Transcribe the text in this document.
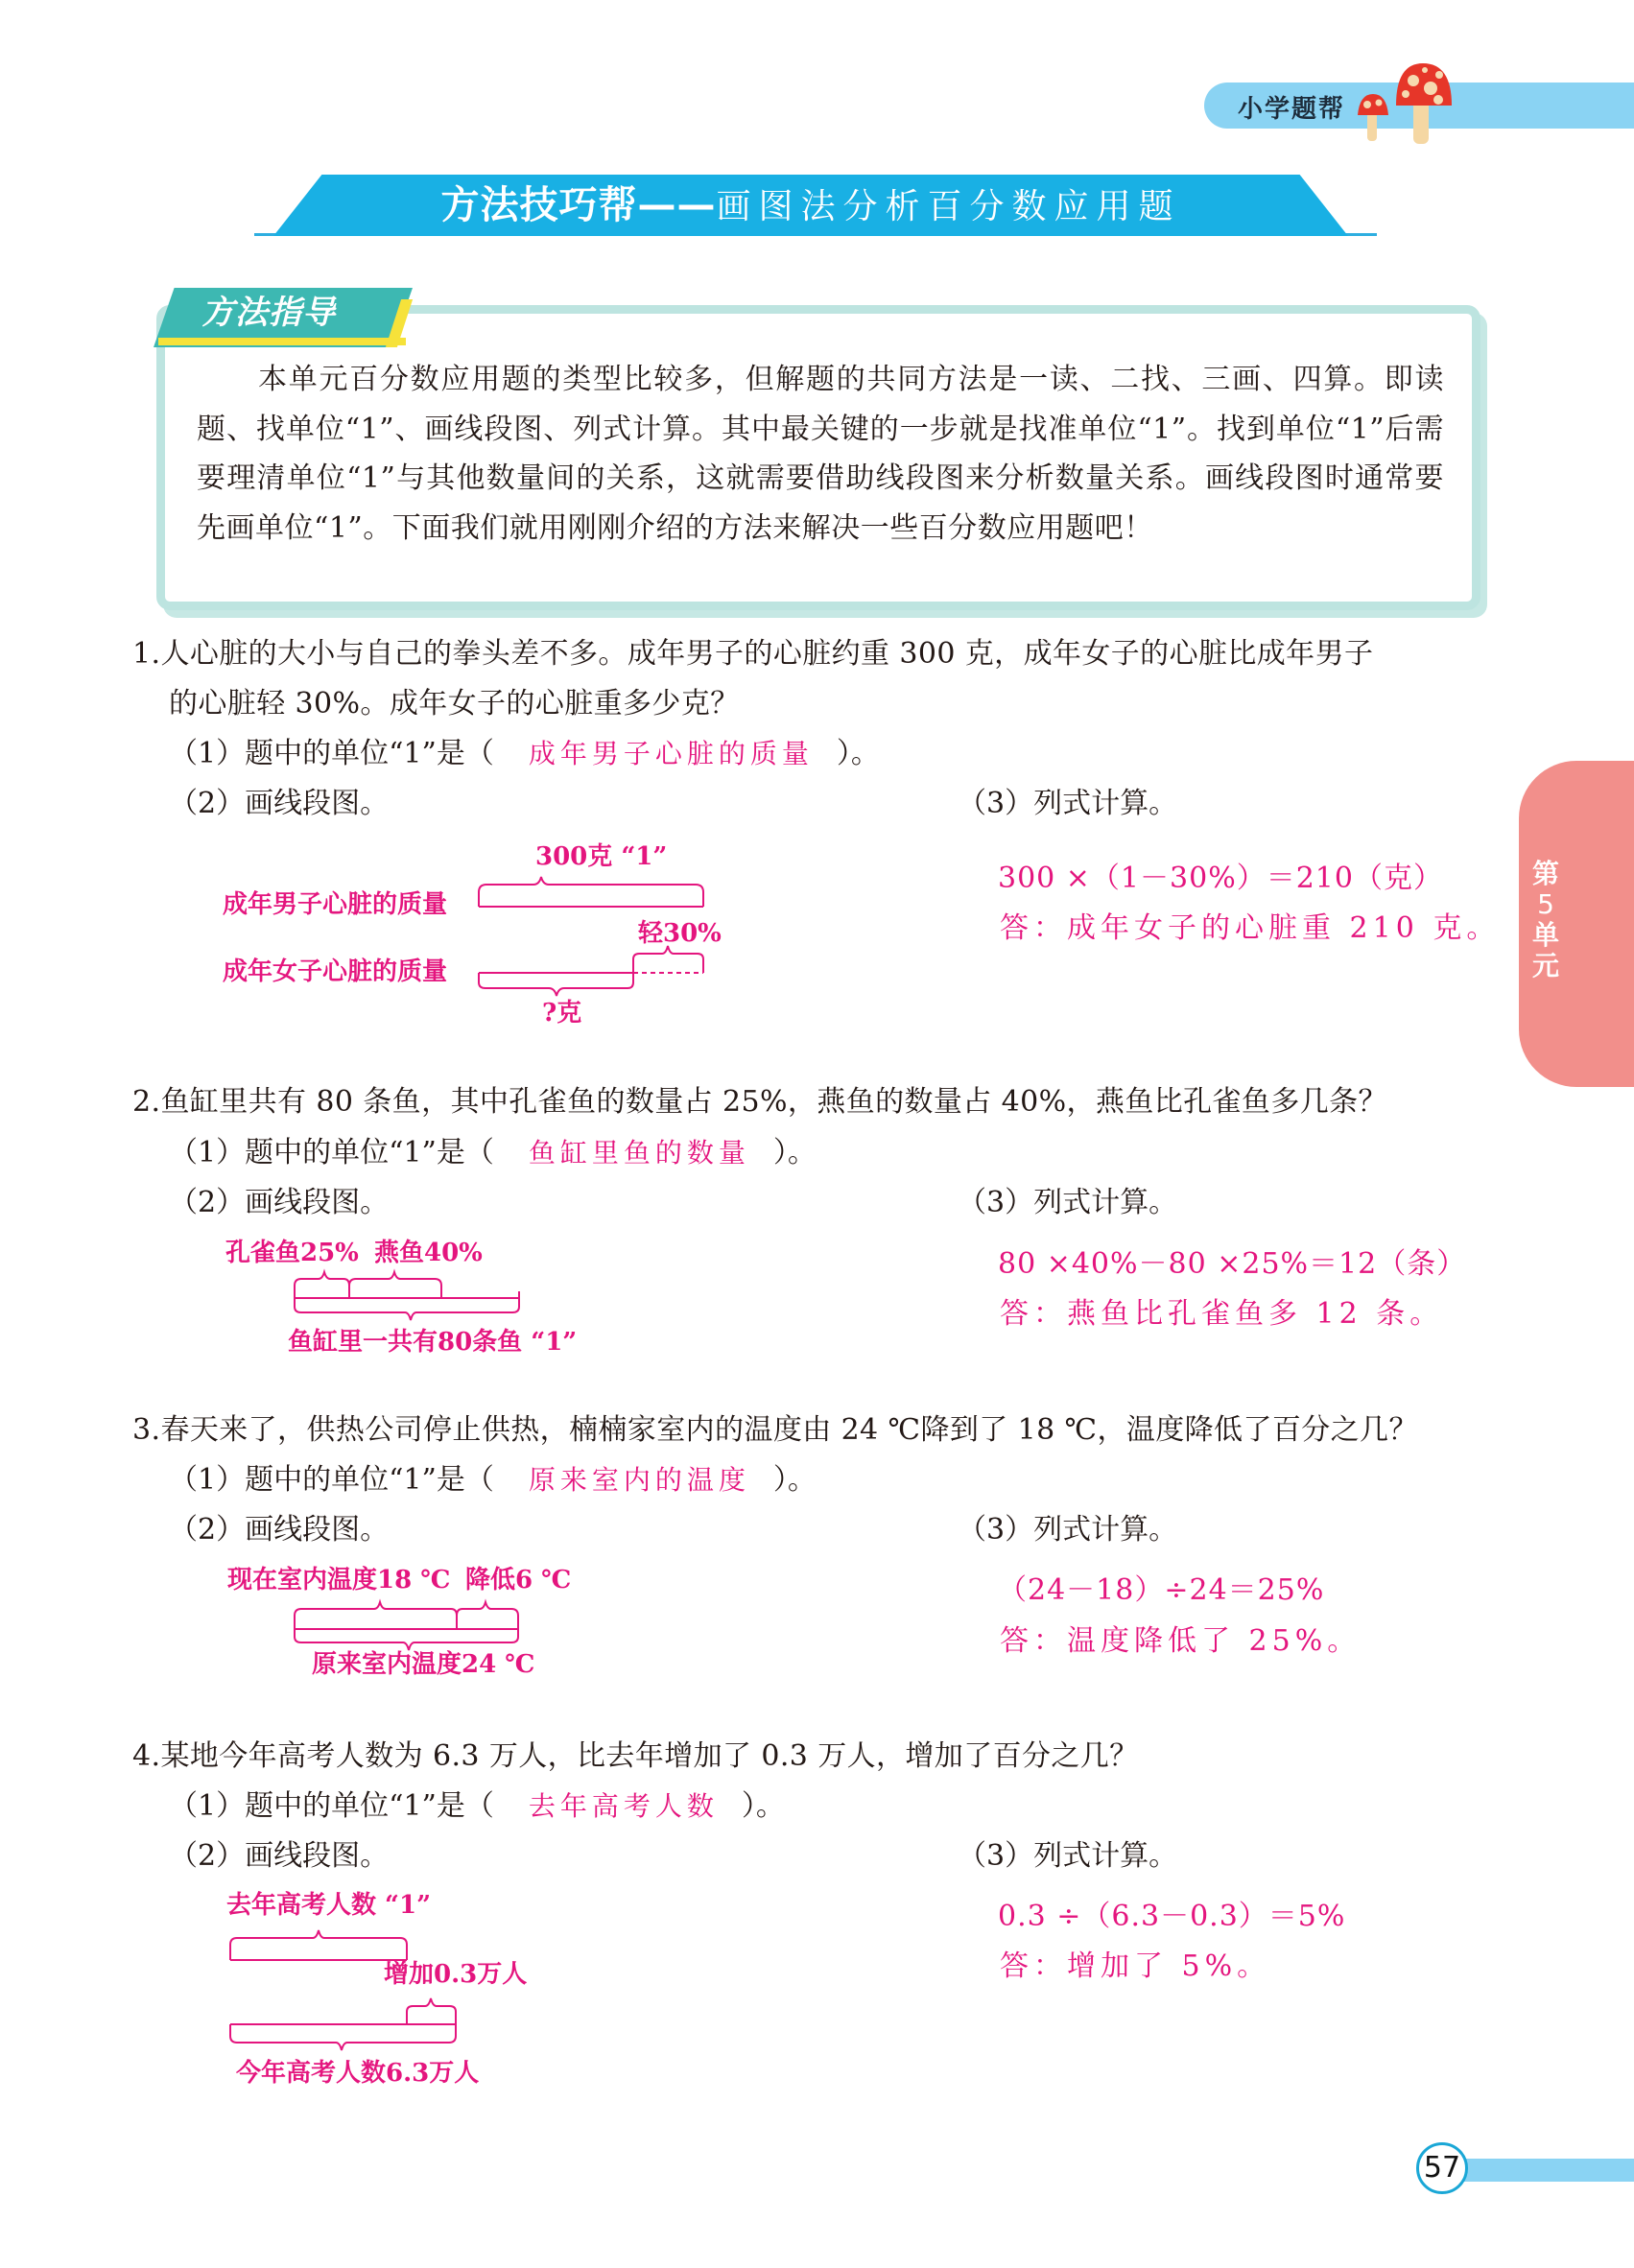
小学题帮
方法技巧帮——画图法分析百分数应用题
方法指导
本单元百分数应用题的类型比较多，但解题的共同方法是一读、二找、三画、四算。即读题、找单位“1”、画线段图、列式计算。其中最关键的一步就是找准单位“1”。找到单位“1”后需要理清单位“1”与其他数量间的关系，这就需要借助线段图来分析数量关系。画线段图时通常要先画单位“1”。下面我们就用刚刚介绍的方法来解决一些百分数应用题吧！
第
5
单
元
1.人心脏的大小与自己的拳头差不多。成年男子的心脏约重 300 克，成年女子的心脏比成年男子
的心脏轻 30%。成年女子的心脏重多少克？
（1）题中的单位“1”是（ 成年男子心脏的质量 ）。
（2）画线段图。	（3）列式计算。
300克 “1”
成年男子心脏的质量
轻30%
成年女子心脏的质量
?克
300 ×（1－30%）＝210（克）
答：成年女子的心脏重 210 克。
2.鱼缸里共有 80 条鱼，其中孔雀鱼的数量占 25%，燕鱼的数量占 40%，燕鱼比孔雀鱼多几条？
（1）题中的单位“1”是（ 鱼缸里鱼的数量 ）。
（2）画线段图。	（3）列式计算。
孔雀鱼25% 燕鱼40%
鱼缸里一共有80条鱼 “1”
80 ×40%－80 ×25%＝12（条）
答：燕鱼比孔雀鱼多 12 条。
3.春天来了，供热公司停止供热，楠楠家室内的温度由 24 ℃降到了 18 ℃，温度降低了百分之几？
（1）题中的单位“1”是（ 原来室内的温度 ）。
（2）画线段图。	（3）列式计算。
现在室内温度18 ℃ 降低6 ℃
原来室内温度24 ℃
（24－18）÷24＝25%
答：温度降低了 25%。
4.某地今年高考人数为 6.3 万人，比去年增加了 0.3 万人，增加了百分之几？
（1）题中的单位“1”是（ 去年高考人数 ）。
（2）画线段图。	（3）列式计算。
去年高考人数 “1”
增加0.3万人
今年高考人数6.3万人
0.3 ÷（6.3－0.3）＝5%
答：增加了 5%。
57
